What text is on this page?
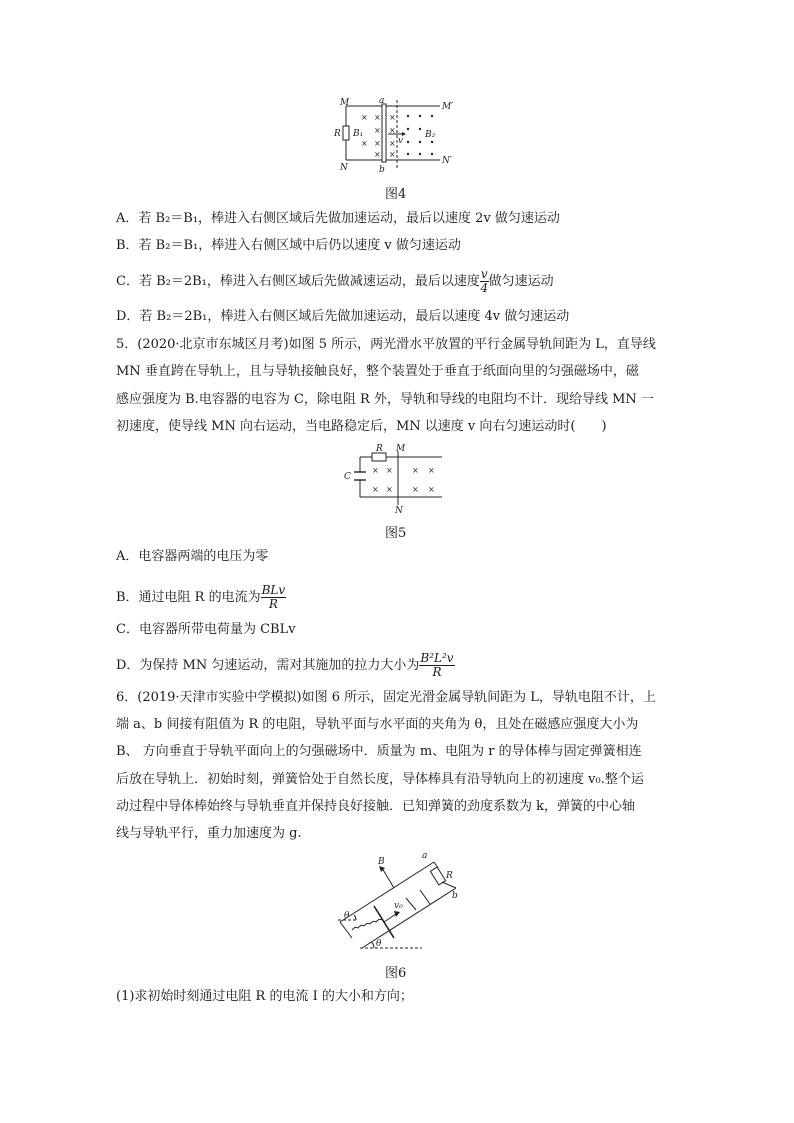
× × ×
× ×
× × ×
× ×
M	a
M′
R B₁
v
B₂
N	b
N′
图4
A．若 B₂＝B₁，棒进入右侧区域后先做加速运动，最后以速度 2v 做匀速运动
B．若 B₂＝B₁，棒进入右侧区域中后仍以速度 v 做匀速运动
C．若 B₂＝2B₁，棒进入右侧区域后先做减速运动，最后以速度 $\frac{v}{4}$ 做匀速运动
D．若 B₂＝2B₁，棒进入右侧区域后先做加速运动，最后以速度 4v 做匀速运动
5．(2020·北京市东城区月考)如图 5 所示，两光滑水平放置的平行金属导轨间距为 L，直导线
MN 垂直跨在导轨上，且与导轨接触良好，整个装置处于垂直于纸面向里的匀强磁场中，磁
感应强度为 B.电容器的电容为 C，除电阻 R 外，导轨和导线的电阻均不计．现给导线 MN 一
初速度，使导线 MN 向右运动，当电路稳定后，MN 以速度 v 向右匀速运动时(　　)
× × × ×
× × × ×
R M
C
N
图5
A．电容器两端的电压为零
B．通过电阻 R 的电流为 $\frac{\text{BLv}}{R}$
C．电容器所带电荷量为 CBLv
D．为保持 MN 匀速运动，需对其施加的拉力大小为 $\frac{\text{B²L²v}}{R}$
6．(2019·天津市实验中学模拟)如图 6 所示，固定光滑金属导轨间距为 L，导轨电阻不计，上
端 a、b 间接有阻值为 R 的电阻，导轨平面与水平面的夹角为 θ，且处在磁感应强度大小为
B、 方向垂直于导轨平面向上的匀强磁场中．质量为 m、电阻为 r 的导体棒与固定弹簧相连
后放在导轨上．初始时刻，弹簧恰处于自然长度，导体棒具有沿导轨向上的初速度 v₀.整个运
动过程中导体棒始终与导轨垂直并保持良好接触．已知弹簧的劲度系数为 k，弹簧的中心轴
线与导轨平行，重力加速度为 g.
B
a
R
b
v₀
θ
θ
图6
(1)求初始时刻通过电阻 R 的电流 I 的大小和方向；
